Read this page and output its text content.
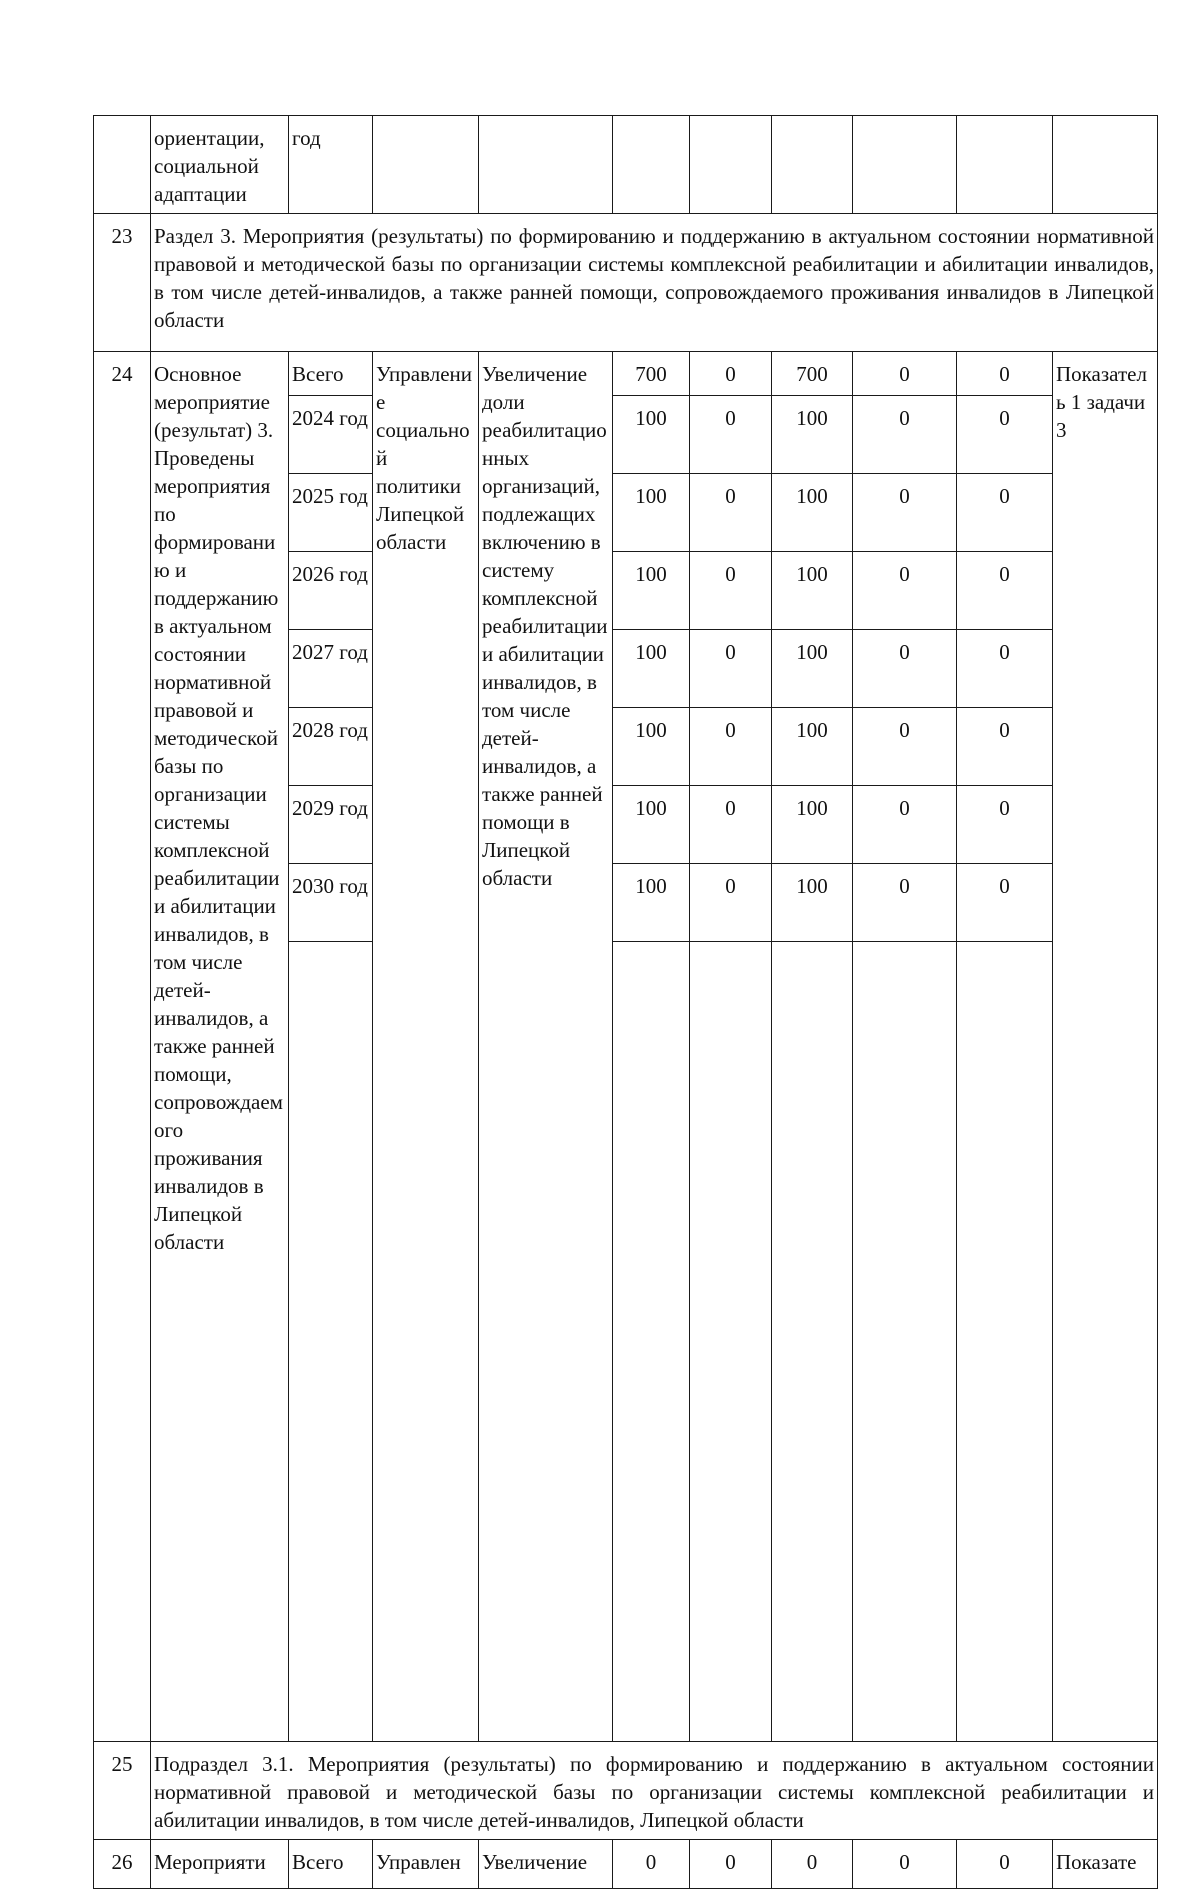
	ориентации, социальной адаптации	год								
23	Раздел 3. Мероприятия (результаты) по формированию и поддержанию в актуальном состоянии нормативной правовой и методической базы по организации системы комплексной реабилитации и абилитации инвалидов, в том числе детей-инвалидов, а также ранней помощи, сопровождаемого проживания инвалидов в Липецкой области									
24	Основное мероприятие (результат) 3. Проведены мероприятия по формированию и поддержанию в актуальном состоянии нормативной правовой и методической базы по организации системы комплексной реабилитации и абилитации инвалидов, в том числе детей-инвалидов, а также ранней помощи, сопровождаемого проживания инвалидов в Липецкой области	Всего	Управление социальной политики Липецкой области	Увеличение доли реабилитационных организаций, подлежащих включению в систему комплексной реабилитации и абилитации инвалидов, в том числе детей-инвалидов, а также ранней помощи в Липецкой области	700	0	700	0	0	Показатель 1 задачи 3
		2024 год			100	0	100	0	0	
		2025 год			100	0	100	0	0	
		2026 год			100	0	100	0	0	
		2027 год			100	0	100	0	0	
		2028 год			100	0	100	0	0	
		2029 год			100	0	100	0	0	
		2030 год			100	0	100	0	0	

25	Подраздел 3.1. Мероприятия (результаты) по формированию и поддержанию в актуальном состоянии нормативной правовой и методической базы по организации системы комплексной реабилитации и абилитации инвалидов, в том числе детей-инвалидов, Липецкой области									
26	Мероприяти	Всего	Управлен	Увеличение	0	0	0	0	0	Показате
